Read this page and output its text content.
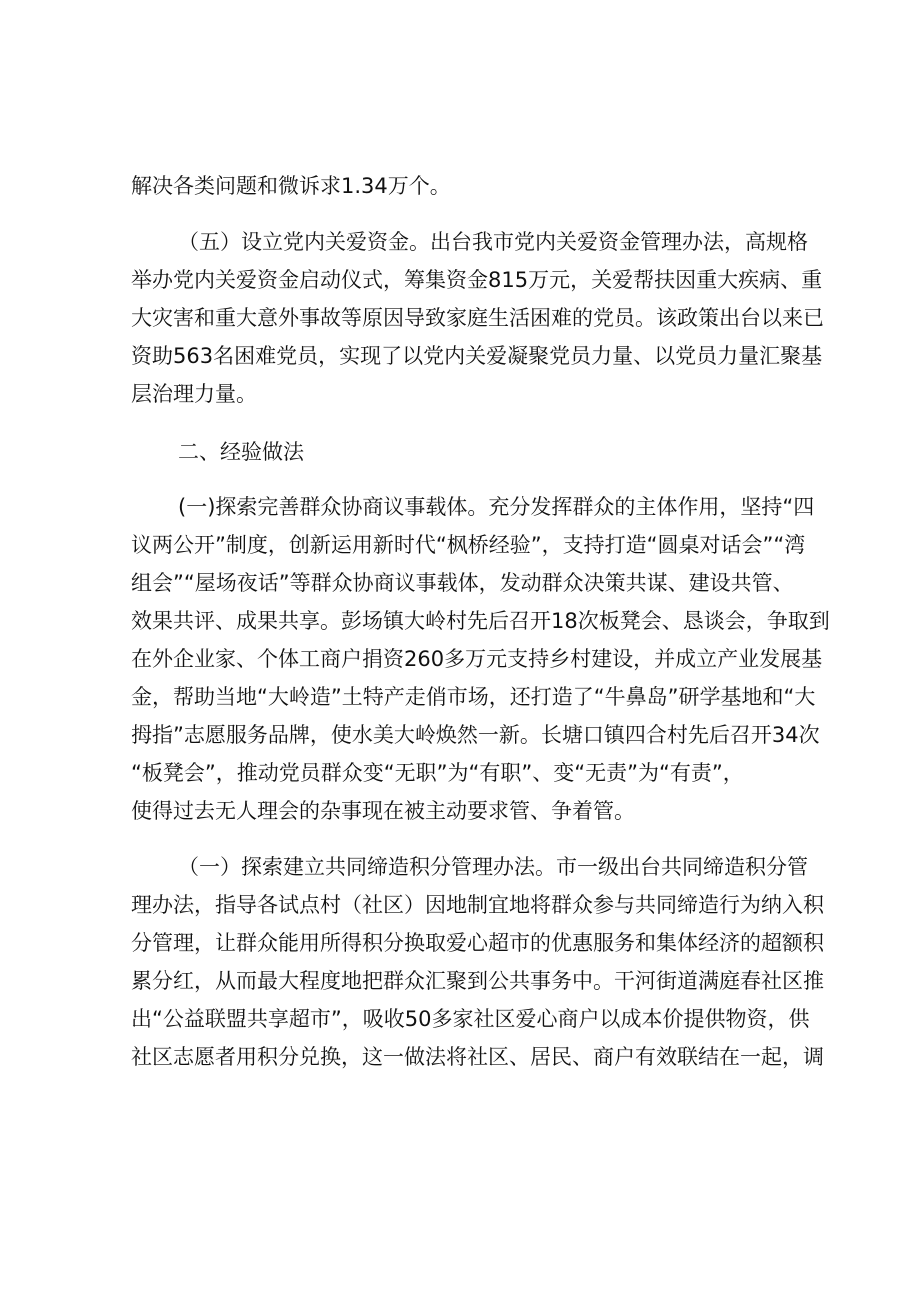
解决各类问题和微诉求1.34万个。
（五）设立党内关爱资金。出台我市党内关爱资金管理办法，高规格
举办党内关爱资金启动仪式，筹集资金815万元，关爱帮扶因重大疾病、重
大灾害和重大意外事故等原因导致家庭生活困难的党员。该政策出台以来已
资助563名困难党员，实现了以党内关爱凝聚党员力量、以党员力量汇聚基
层治理力量。
二、经验做法
(一)探索完善群众协商议事载体。充分发挥群众的主体作用，坚持“四
议两公开”制度，创新运用新时代“枫桥经验”，支持打造“圆桌对话会”“湾
组会”“屋场夜话”等群众协商议事载体，发动群众决策共谋、建设共管、
效果共评、成果共享。彭场镇大岭村先后召开18次板凳会、恳谈会，争取到
在外企业家、个体工商户捐资260多万元支持乡村建设，并成立产业发展基
金，帮助当地“大岭造”土特产走俏市场，还打造了“牛鼻岛”研学基地和“大
拇指”志愿服务品牌，使水美大岭焕然一新。长塘口镇四合村先后召开34次
“板凳会”，推动党员群众变“无职”为“有职”、变“无责”为“有责”，
使得过去无人理会的杂事现在被主动要求管、争着管。
（一）探索建立共同缔造积分管理办法。市一级出台共同缔造积分管
理办法，指导各试点村（社区）因地制宜地将群众参与共同缔造行为纳入积
分管理，让群众能用所得积分换取爱心超市的优惠服务和集体经济的超额积
累分红，从而最大程度地把群众汇聚到公共事务中。干河街道满庭春社区推
出“公益联盟共享超市”，吸收50多家社区爱心商户以成本价提供物资，供
社区志愿者用积分兑换，这一做法将社区、居民、商户有效联结在一起，调
